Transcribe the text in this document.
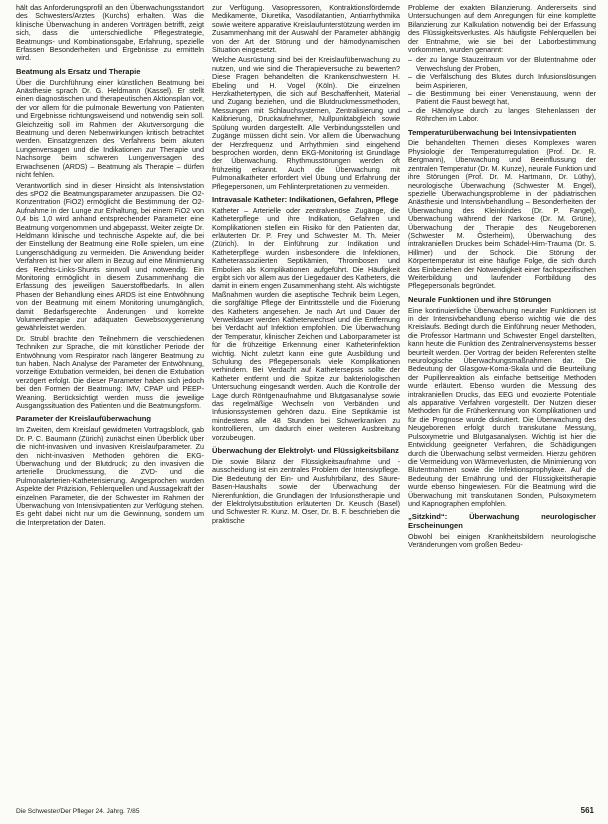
hält das Anforderungsprofil an den Überwachungsstandort des Schwesters/Arztes (Kurchs) erhalten. Was die klinische Überwachung in anderen Vorträgen betrifft, zeigt sich, dass die unterschiedliche Pflegestrategie, Beatmungs- und Kombinationsgabe, Erfahrung, spezielle Erfassen Besonderheiten und Ergebnisse zu ermitteln wird.

Beatmung als Ersatz und Therapie

Über die Durchführung einer künstlichen Beatmung bei Anästhesie sprach Dr. G. Heldmann (Kassel). Er stellt einen diagnostischen und therapeutischen Aktionsplan vor, der vor allem für die pulmonale Bewertung von Patienten und Ergebnisse richtungsweisend und notwendig sein soll. Gleichzeitig soll im Rahmen der Akutversorgung die Beatmung und deren Nebenwirkungen kritisch betrachtet werden. Einsatzgrenzen des Verfahrens beim akuten Lungenversagen und die Indikationen zur Therapie und Nachsorge beim schweren Lungenversagen des Erwachsenen (ARDS) – Beatmung als Therapie – dürfen nicht fehlen.

Verantwortlich sind in dieser Hinsicht als Intensivstation des sPO2 die Beatmungsparameter anzupassen. Die O2-Konzentration (FiO2) ermöglicht die Bestimmung der O2-Aufnahme in der Lunge zur Erhaltung, bei einem FiO2 von 0,4 bis 1,0 wird anhand entsprechender Parameter eine Beatmung vorgenommen und abgepasst. Weiter zeigte Dr. Heldmann klinische und technische Aspekte auf, die bei der Einstellung der Beatmung eine Rolle spielen, um eine Lungenschädigung zu vermeiden. Die Anwendung beider Verfahren ist hier vor allem in Bezug auf eine Minimierung des Rechts-Links-Shunts sinnvoll und notwendig. Ein Monitoring ermöglicht in diesem Zusammenhang die Erfassung des jeweiligen Sauerstoffbedarfs. In allen Phasen der Behandlung eines ARDS ist eine Entwöhnung von der Beatmung mit einem Monitoring unumgänglich, damit Bedarfsgerechte Änderungen und korrekte Volumentherapie zur adäquaten Gewebsoxygenierung gewährleistet werden.

Dr. Strubl brachte den Teilnehmern die verschiedenen Techniken zur Sprache, die mit künstlicher Periode der Entwöhnung vom Respirator nach längerer Beatmung zu tun haben. Nach Analyse der Parameter der Entwöhnung, vorzeitige Extubation vermeiden, bei denen die Extubation verzögert erfolgt. Die dieser Parameter haben sich jedoch bei den Formen der Beatmung: IMV, CPAP und PEEP-Weaning. Berücksichtigt werden muss die jeweilige Ausgangssituation des Patienten und die Beatmungsform.

Parameter der Kreislaufüberwachung

Im Zweiten, dem Kreislauf gewidmeten Vortragsblock, gab Dr. P. C. Baumann (Zürich) zunächst einen Überblick über die nicht-invasiven und invasiven Kreislaufparameter. Zu den nicht-invasiven Methoden gehören die EKG-Überwachung und der Blutdruck; zu den invasiven die arterielle Druckmessung, die ZVD- und die Pulmonalarterien-Katheterisierung. Angesprochen wurden Aspekte der Präzision, Fehlerquellen und Aussagekraft der einzelnen Parameter, die der Schwester im Rahmen der Überwachung von Intensivpatienten zur Verfügung stehen. Es geht dabei nicht nur um die Gewinnung, sondern um die Interpretation der Daten.

zur Verfügung. Vasopressoren, Kontraktionsfördernde Medikamente, Diuretika, Vasodilatantien, Antiarrhythmika sowie weitere apparative Kreislaufunterstützung werden im Zusammenhang mit der Auswahl der Parameter abhängig von der Art der Störung und der hämodynamischen Situation eingesetzt.

Welche Ausrüstung sind bei der Kreislaufüberwachung zu nutzen, und wie sind die Therapieversuche zu bewerten? Diese Fragen behandelten die Krankenschwestern H. Ebeling und H. Vogel (Köln). Die einzelnen Herzkathetertypen, die sich auf Beschaffenheit, Material und Zugang beziehen, und die Blutdruckmessmethoden, Messungen mit Schlauchsystemen, Zentralisierung und Kalibrierung, Druckaufnehmer, Nullpunktabgleich sowie Spülung wurden dargestellt. Alle Verbindungsstellen und Zugänge müssen dicht sein. Vor allem die Überwachung der Herzfrequenz und Arrhythmien sind eingehend besprochen worden, denn EKG-Monitoring ist Grundlage der Überwachung. Rhythmusstörungen werden oft frühzeitig erkannt. Auch die Überwachung mit Pulmonalkatheter erfordert viel Übung und Erfahrung der Pflegepersonen, um Fehlinterpretationen zu vermeiden.

Intravasale Katheter: Indikationen, Gefahren, Pflege

Katheter – Arterielle oder zentralvenöse Zugänge, die Katheterpflege und ihre Indikation, Gefahren und Komplikationen stellen ein Risiko für den Patienten dar, erläuterten Dr. P. Frey und Schwester M. Th. Meier (Zürich). In der Einführung zur Indikation und Katheterpflege wurden insbesondere die Infektionen, Katheterassoziierten Septikämien, Thrombosen und Embolien als Komplikationen aufgeführt. Die Häufigkeit ergibt sich vor allem aus der Liegedauer des Katheters, die damit in einem engen Zusammenhang steht. Als wichtigste Maßnahmen wurden die aseptische Technik beim Legen, die sorgfältige Pflege der Eintrittsstelle und die Fixierung des Katheters angesehen. Je nach Art und Dauer der Verweildauer werden Katheterwechsel und die Entfernung bei Verdacht auf Infektion empfohlen. Die Überwachung der Temperatur, klinischer Zeichen und Laborparameter ist für die frühzeitige Erkennung einer Katheterinfektion wichtig. Nicht zuletzt kann eine gute Ausbildung und Schulung des Pflegepersonals viele Komplikationen verhindern. Bei Verdacht auf Kathetersepsis sollte der Katheter entfernt und die Spitze zur bakteriologischen Untersuchung eingesandt werden. Auch die Kontrolle der Lage durch Röntgenaufnahme und Blutgasanalyse sowie das regelmäßige Wechseln von Verbänden und Infusionssystemen gehören dazu. Eine Septikämie ist mindestens alle 48 Stunden bei Schwerkranken zu kontrollieren, um dadurch einer weiteren Ausbreitung vorzubeugen.

Überwachung der Elektrolyt- und Flüssigkeitsbilanz

Die sowie Bilanz der Flüssigkeitsaufnahme und -ausscheidung ist ein zentrales Problem der Intensivpflege. Die Bedeutung der Ein- und Ausfuhrbilanz, des Säure-Basen-Haushalts sowie der Überwachung der Nierenfunktion, die Grundlagen der Infusionstherapie und der Elektrolytsubstitution erläuterten Dr. Keusch (Basel) und Schwester R. Kunz. M. Oser, Dr. B. F. beschrieben die praktische

Probleme der exakten Bilanzierung. Andererseits sind Untersuchungen auf dem Anregungen für eine komplette Bilanzierung zur Kalkulation notwendig bei der Erfassung des Flüssigkeitsverlustes. Als häufigste Fehlerquellen bei der Entnahme, wie sie bei der Laborbestimmung vorkommen, wurden genannt:

– der zu lange Stauzeitraum vor der Blutentnahme oder Verwechslung der Proben,
– die Verfälschung des Blutes durch Infusionslösungen beim Aspirieren,
– die Bestimmung bei einer Venenstauung, wenn der Patient die Faust bewegt hat,
– die Hämolyse durch zu langes Stehenlassen der Röhrchen im Labor.
Temperaturüberwachung bei Intensivpatienten

Die behandelten Themen dieses Komplexes waren Physiologie der Temperaturregulation (Prof. Dr. R. Bergmann), Überwachung und Beeinflussung der zentralen Temperatur (Dr. M. Kunze), neurale Funktion und ihre Störungen (Prof. Dr. M. Hartmann, Dr. Lüthy), neurologische Überwachung (Schwester M. Engel), spezielle Überwachungsprobleme in der pädiatrischen Anästhesie und Intensivbehandlung – Besonderheiten der Überwachung des Kleinkindes (Dr. P. Fangel), Überwachung während der Narkose (Dr. M. Grüne), Überwachung der Therapie des Neugeborenen (Schwester M. Österheim), Überwachung des intrakraniellen Druckes beim Schädel-Hirn-Trauma (Dr. S. Hillmer) und der Schock. Die Störung der Körpertemperatur ist eine häufige Folge, die sich durch das Einbeziehen der Notwendigkeit einer fachspezifischen Weiterbildung und laufender Fortbildung des Pflegepersonals begründet.

Neurale Funktionen und ihre Störungen

Eine kontinuierliche Überwachung neuraler Funktionen ist in der Intensivbehandlung ebenso wichtig wie die des Kreislaufs. Bedingt durch die Einführung neuer Methoden, die Professor Hartmann und Schwester Engel darstellten, kann heute die Funktion des Zentralnervensystems besser beurteilt werden. Der Vortrag der beiden Referenten stellte neurologische Überwachungsmaßnahmen dar. Die Bedeutung der Glasgow-Koma-Skala und die Beurteilung der Pupillenreaktion als einfache bettseitige Methoden wurde erläutert. Ebenso wurden die Messung des intrakraniellen Drucks, das EEG und evozierte Potentiale als apparative Verfahren vorgestellt. Der Nutzen dieser Methoden für die Früherkennung von Komplikationen und für die Prognose wurde diskutiert. Die Überwachung des Neugeborenen erfolgt durch transkutane Messung, Pulsoxymetrie und Blutgasanalysen. Wichtig ist hier die Entwicklung geeigneter Verfahren, die Schädigungen durch die Überwachung selbst vermeiden. Hierzu gehören die Vermeidung von Wärmeverlusten, die Minimierung von Blutentnahmen sowie die Infektionsprophylaxe. Auf die Bedeutung der Ernährung und der Flüssigkeitstherapie wurde ebenso hingewiesen. Für die Beatmung wird die Überwachung mit transkutanen Sonden, Pulsoxymetern und Kapnographen empfohlen.

„Sitzkind“: Überwachung neurologischer Erscheinungen

Obwohl bei einigen Krankheitsbildern neurologische Veränderungen vom großen Bedeu-

Die Schwester/Der Pfleger 24. Jahrg. 7/85	561
